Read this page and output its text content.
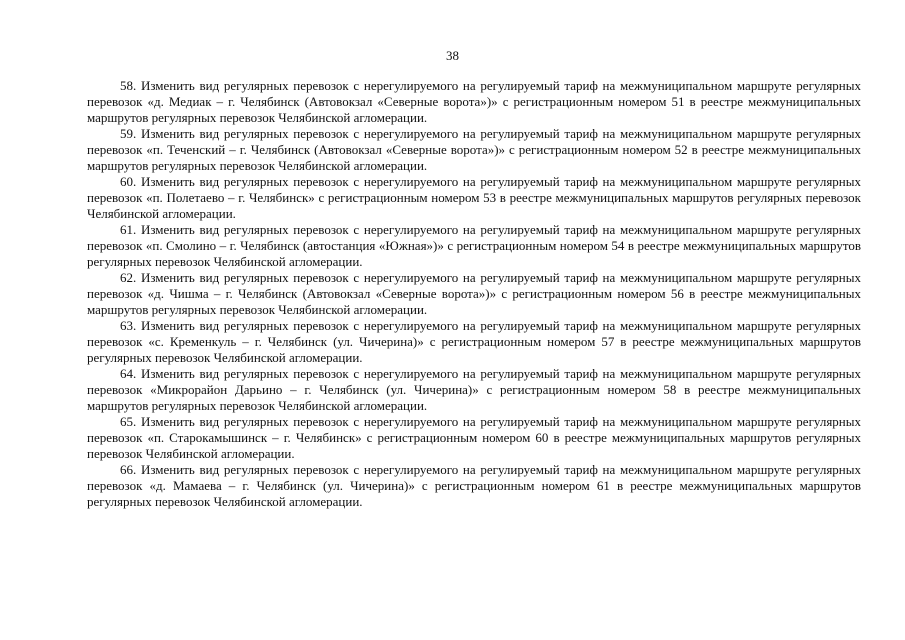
38

58. Изменить вид регулярных перевозок с нерегулируемого на регулируемый тариф на межмуниципальном маршруте регулярных перевозок «д. Медиак – г. Челябинск (Автовокзал «Северные ворота»)» с регистрационным номером 51 в реестре межмуниципальных маршрутов регулярных перевозок Челябинской агломерации.

59. Изменить вид регулярных перевозок с нерегулируемого на регулируемый тариф на межмуниципальном маршруте регулярных перевозок «п. Теченский – г. Челябинск (Автовокзал «Северные ворота»)» с регистрационным номером 52 в реестре межмуниципальных маршрутов регулярных перевозок Челябинской агломерации.

60. Изменить вид регулярных перевозок с нерегулируемого на регулируемый тариф на межмуниципальном маршруте регулярных перевозок «п. Полетаево – г. Челябинск» с регистрационным номером 53 в реестре межмуниципальных маршрутов регулярных перевозок Челябинской агломерации.

61. Изменить вид регулярных перевозок с нерегулируемого на регулируемый тариф на межмуниципальном маршруте регулярных перевозок «п. Смолино – г. Челябинск (автостанция «Южная»)» с регистрационным номером 54 в реестре межмуниципальных маршрутов регулярных перевозок Челябинской агломерации.

62. Изменить вид регулярных перевозок с нерегулируемого на регулируемый тариф на межмуниципальном маршруте регулярных перевозок «д. Чишма – г. Челябинск (Автовокзал «Северные ворота»)» с регистрационным номером 56 в реестре межмуниципальных маршрутов регулярных перевозок Челябинской агломерации.

63. Изменить вид регулярных перевозок с нерегулируемого на регулируемый тариф на межмуниципальном маршруте регулярных перевозок «с. Кременкуль – г. Челябинск (ул. Чичерина)» с регистрационным номером 57 в реестре межмуниципальных маршрутов регулярных перевозок Челябинской агломерации.

64. Изменить вид регулярных перевозок с нерегулируемого на регулируемый тариф на межмуниципальном маршруте регулярных перевозок «Микрорайон Дарьино – г. Челябинск (ул. Чичерина)» с регистрационным номером 58 в реестре межмуниципальных маршрутов регулярных перевозок Челябинской агломерации.

65. Изменить вид регулярных перевозок с нерегулируемого на регулируемый тариф на межмуниципальном маршруте регулярных перевозок «п. Старокамышинск – г. Челябинск» с регистрационным номером 60 в реестре межмуниципальных маршрутов регулярных перевозок Челябинской агломерации.

66. Изменить вид регулярных перевозок с нерегулируемого на регулируемый тариф на межмуниципальном маршруте регулярных перевозок «д. Мамаева – г. Челябинск (ул. Чичерина)» с регистрационным номером 61 в реестре межмуниципальных маршрутов регулярных перевозок Челябинской агломерации.
